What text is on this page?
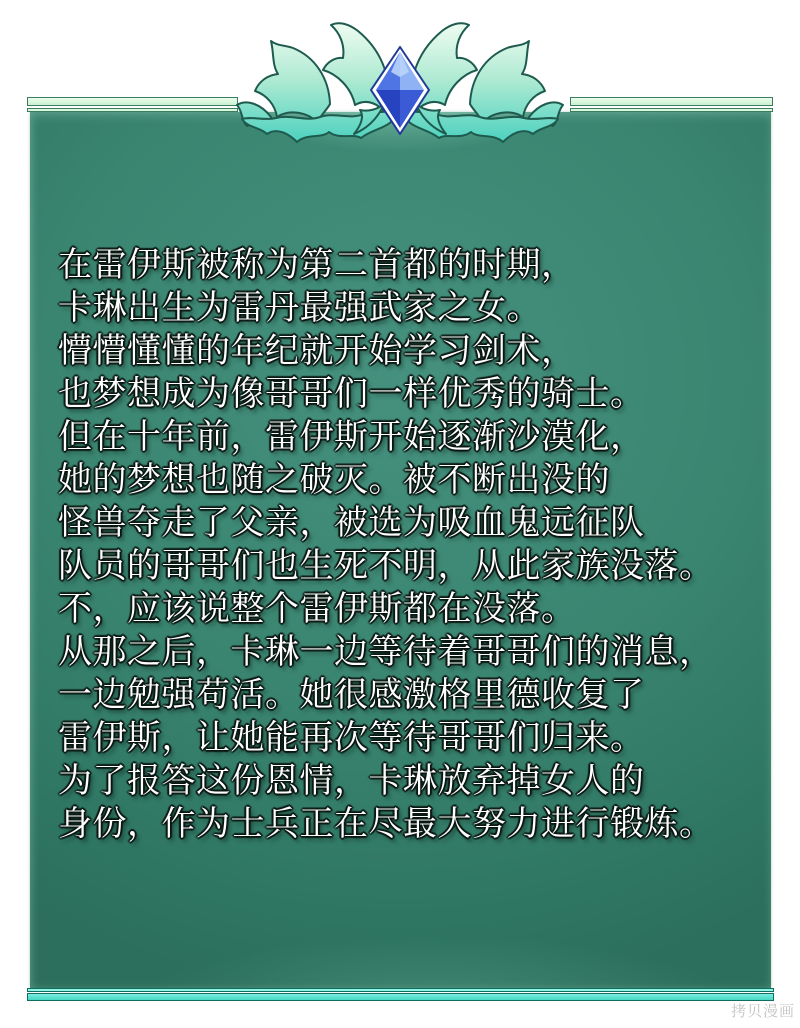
在雷伊斯被称为第二首都的时期，
卡琳出生为雷丹最强武家之女。
懵懵懂懂的年纪就开始学习剑术，
也梦想成为像哥哥们一样优秀的骑士。
但在十年前，雷伊斯开始逐渐沙漠化，
她的梦想也随之破灭。被不断出没的
怪兽夺走了父亲，被选为吸血鬼远征队
队员的哥哥们也生死不明，从此家族没落。
不，应该说整个雷伊斯都在没落。
从那之后，卡琳一边等待着哥哥们的消息，
一边勉强苟活。她很感激格里德收复了
雷伊斯，让她能再次等待哥哥们归来。
为了报答这份恩情，卡琳放弃掉女人的
身份，作为士兵正在尽最大努力进行锻炼。
拷贝漫画
